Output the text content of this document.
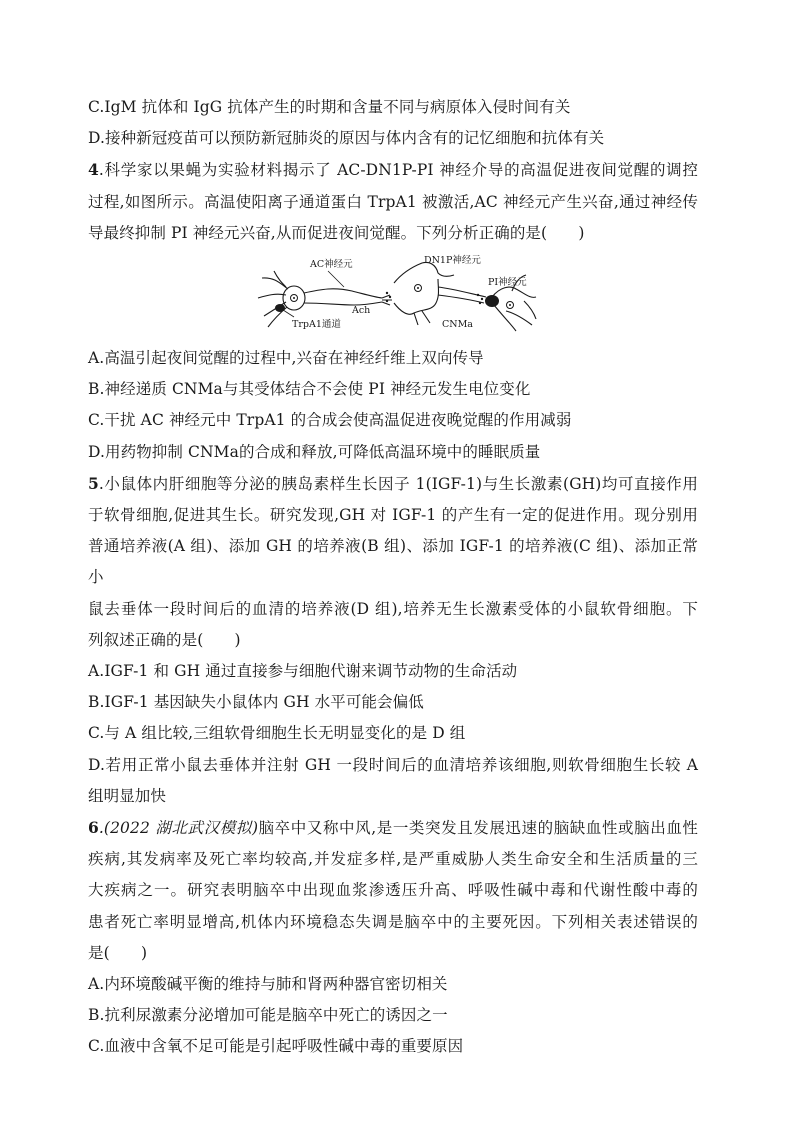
C.IgM 抗体和 IgG 抗体产生的时期和含量不同与病原体入侵时间有关
D.接种新冠疫苗可以预防新冠肺炎的原因与体内含有的记忆细胞和抗体有关
4.科学家以果蝇为实验材料揭示了 AC-DN1P-PI 神经介导的高温促进夜间觉醒的调控
过程,如图所示。高温使阳离子通道蛋白 TrpA1 被激活,AC 神经元产生兴奋,通过神经传
导最终抑制 PI 神经元兴奋,从而促进夜间觉醒。下列分析正确的是(　　)
AC神经元	DN1P神经元
PI神经元
Ach
TrpA1通道	CNMa
A.高温引起夜间觉醒的过程中,兴奋在神经纤维上双向传导
B.神经递质 CNMa与其受体结合不会使 PI 神经元发生电位变化
C.干扰 AC 神经元中 TrpA1 的合成会使高温促进夜晚觉醒的作用减弱
D.用药物抑制 CNMa的合成和释放,可降低高温环境中的睡眠质量
5.小鼠体内肝细胞等分泌的胰岛素样生长因子 1(IGF-1)与生长激素(GH)均可直接作用
于软骨细胞,促进其生长。研究发现,GH 对 IGF-1 的产生有一定的促进作用。现分别用
普通培养液(A 组)、添加 GH 的培养液(B 组)、添加 IGF-1 的培养液(C 组)、添加正常小
鼠去垂体一段时间后的血清的培养液(D 组),培养无生长激素受体的小鼠软骨细胞。下
列叙述正确的是(　　)
A.IGF-1 和 GH 通过直接参与细胞代谢来调节动物的生命活动
B.IGF-1 基因缺失小鼠体内 GH 水平可能会偏低
C.与 A 组比较,三组软骨细胞生长无明显变化的是 D 组
D.若用正常小鼠去垂体并注射 GH 一段时间后的血清培养该细胞,则软骨细胞生长较 A
组明显加快
6.(2022 湖北武汉模拟)脑卒中又称中风,是一类突发且发展迅速的脑缺血性或脑出血性
疾病,其发病率及死亡率均较高,并发症多样,是严重威胁人类生命安全和生活质量的三
大疾病之一。研究表明脑卒中出现血浆渗透压升高、呼吸性碱中毒和代谢性酸中毒的
患者死亡率明显增高,机体内环境稳态失调是脑卒中的主要死因。下列相关表述错误的
是(　　)
A.内环境酸碱平衡的维持与肺和肾两种器官密切相关
B.抗利尿激素分泌增加可能是脑卒中死亡的诱因之一
C.血液中含氧不足可能是引起呼吸性碱中毒的重要原因
